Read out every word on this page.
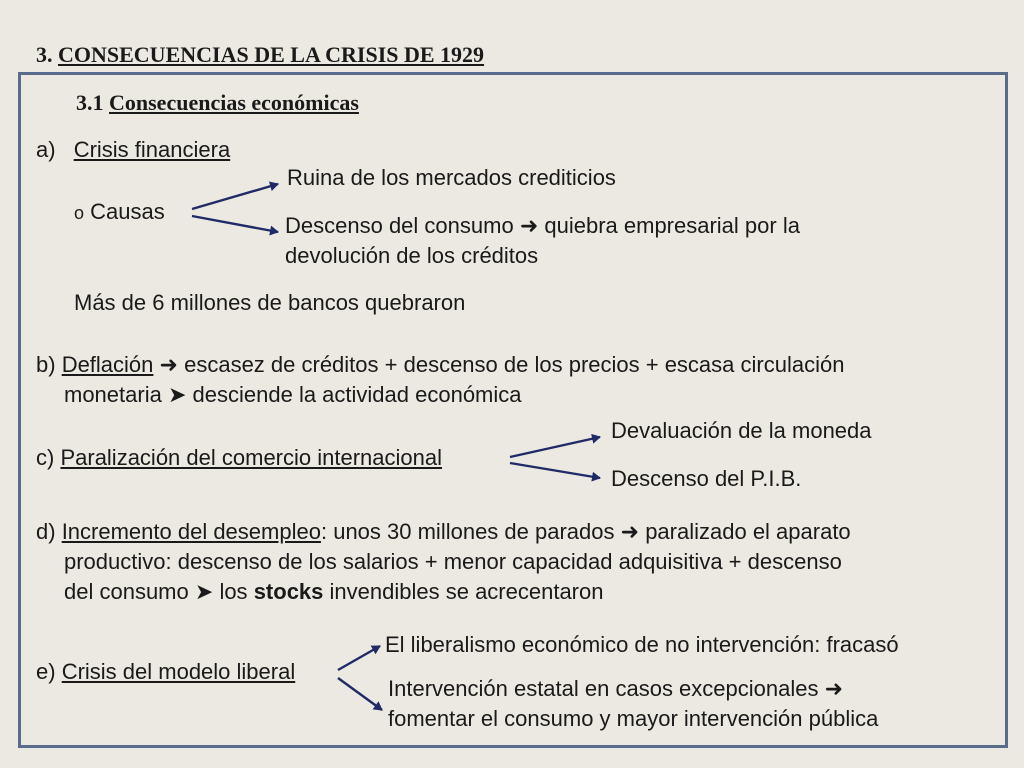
3. CONSECUENCIAS DE LA CRISIS DE 1929
3.1 Consecuencias económicas
a) Crisis financiera
o Causas
Ruina de los mercados crediticios
Descenso del consumo ➜ quiebra empresarial por la
devolución de los créditos
Más de 6 millones de bancos quebraron
b) Deflación ➜ escasez de créditos + descenso de los precios + escasa circulación
monetaria ➤ desciende la actividad económica
c) Paralización del comercio internacional
Devaluación de la moneda
Descenso del P.I.B.
d) Incremento del desempleo: unos 30 millones de parados ➜ paralizado el aparato
productivo: descenso de los salarios + menor capacidad adquisitiva + descenso
del consumo ➤ los stocks invendibles se acrecentaron
e) Crisis del modelo liberal
El liberalismo económico de no intervención: fracasó
Intervención estatal en casos excepcionales ➜
fomentar el consumo y mayor intervención pública
